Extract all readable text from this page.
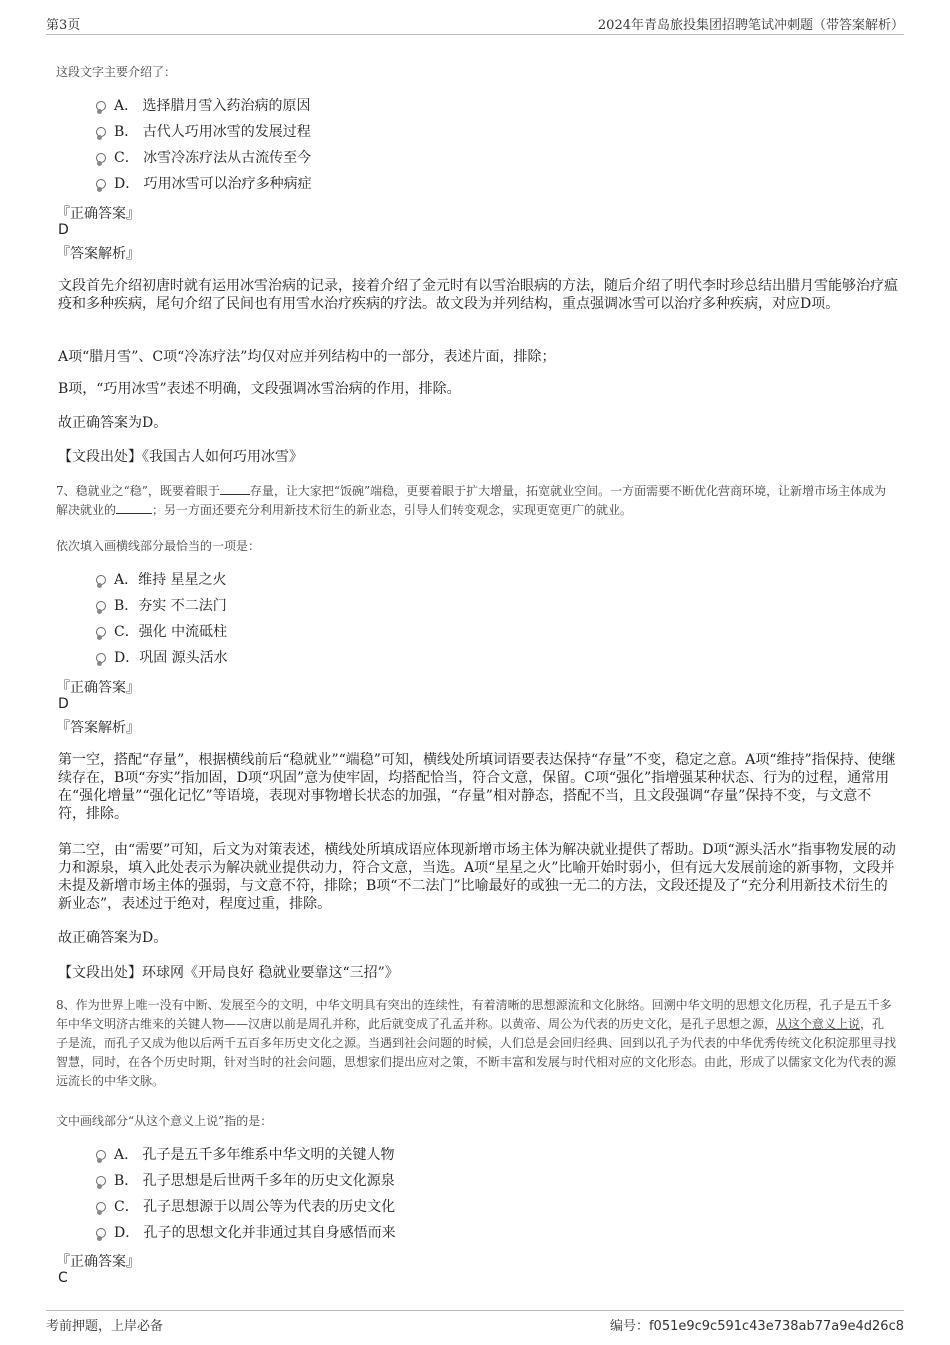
第3页	2024年青岛旅投集团招聘笔试冲刺题（带答案解析）
这段文字主要介绍了：
A． 选择腊月雪入药治病的原因
B． 古代人巧用冰雪的发展过程
C． 冰雪冷冻疗法从古流传至今
D． 巧用冰雪可以治疗多种病症
『正确答案』
D
『答案解析』
文段首先介绍初唐时就有运用冰雪治病的记录，接着介绍了金元时有以雪治眼病的方法，随后介绍了明代李时珍总结出腊月雪能够治疗瘟疫和多种疾病，尾句介绍了民间也有用雪水治疗疾病的疗法。故文段为并列结构，重点强调冰雪可以治疗多种疾病，对应D项。
A项“腊月雪”、C项“冷冻疗法”均仅对应并列结构中的一部分，表述片面，排除；
B项，“巧用冰雪”表述不明确，文段强调冰雪治病的作用，排除。
故正确答案为D。
【文段出处】《我国古人如何巧用冰雪》
7、稳就业之“稳”，既要着眼于	存量，让大家把“饭碗”端稳，更要着眼于扩大增量，拓宽就业空间。一方面需要不断优化营商环境，让新增市场主体成为解决就业的	；另一方面还要充分利用新技术衍生的新业态，引导人们转变观念，实现更宽更广的就业。
依次填入画横线部分最恰当的一项是：
A．维持 星星之火
B．夯实 不二法门
C．强化 中流砥柱
D．巩固 源头活水
『正确答案』
D
『答案解析』
第一空，搭配“存量”，根据横线前后“稳就业”“端稳”可知，横线处所填词语要表达保持“存量”不变，稳定之意。A项“维持”指保持、使继续存在，B项“夯实”指加固，D项“巩固”意为使牢固，均搭配恰当，符合文意，保留。C项“强化”指增强某种状态、行为的过程，通常用在“强化增量”“强化记忆”等语境，表现对事物增长状态的加强，“存量”相对静态，搭配不当，且文段强调“存量”保持不变，与文意不符，排除。
第二空，由“需要”可知，后文为对策表述，横线处所填成语应体现新增市场主体为解决就业提供了帮助。D项“源头活水”指事物发展的动力和源泉，填入此处表示为解决就业提供动力，符合文意，当选。A项“星星之火”比喻开始时弱小，但有远大发展前途的新事物，文段并未提及新增市场主体的强弱，与文意不符，排除；B项“不二法门”比喻最好的或独一无二的方法，文段还提及了“充分利用新技术衍生的新业态”，表述过于绝对，程度过重，排除。
故正确答案为D。
【文段出处】环球网《开局良好 稳就业要靠这“三招”》
8、作为世界上唯一没有中断、发展至今的文明，中华文明具有突出的连续性，有着清晰的思想源流和文化脉络。回溯中华文明的思想文化历程，孔子是五千多年中华文明济古维来的关键人物——汉唐以前是周孔并称，此后就变成了孔孟并称。以黄帝、周公为代表的历史文化，是孔子思想之源，从这个意义上说，孔子是流，而孔子又成为他以后两千五百多年历史文化之源。当遇到社会问题的时候，人们总是会回归经典、回到以孔子为代表的中华优秀传统文化积淀那里寻找智慧，同时，在各个历史时期，针对当时的社会问题，思想家们提出应对之策，不断丰富和发展与时代相对应的文化形态。由此，形成了以儒家文化为代表的源远流长的中华文脉。
文中画线部分“从这个意义上说”指的是：
A． 孔子是五千多年维系中华文明的关键人物
B． 孔子思想是后世两千多年的历史文化源泉
C． 孔子思想源于以周公等为代表的历史文化
D． 孔子的思想文化并非通过其自身感悟而来
『正确答案』
C
考前押题，上岸必备	编号：f051e9c9c591c43e738ab77a9e4d26c8
